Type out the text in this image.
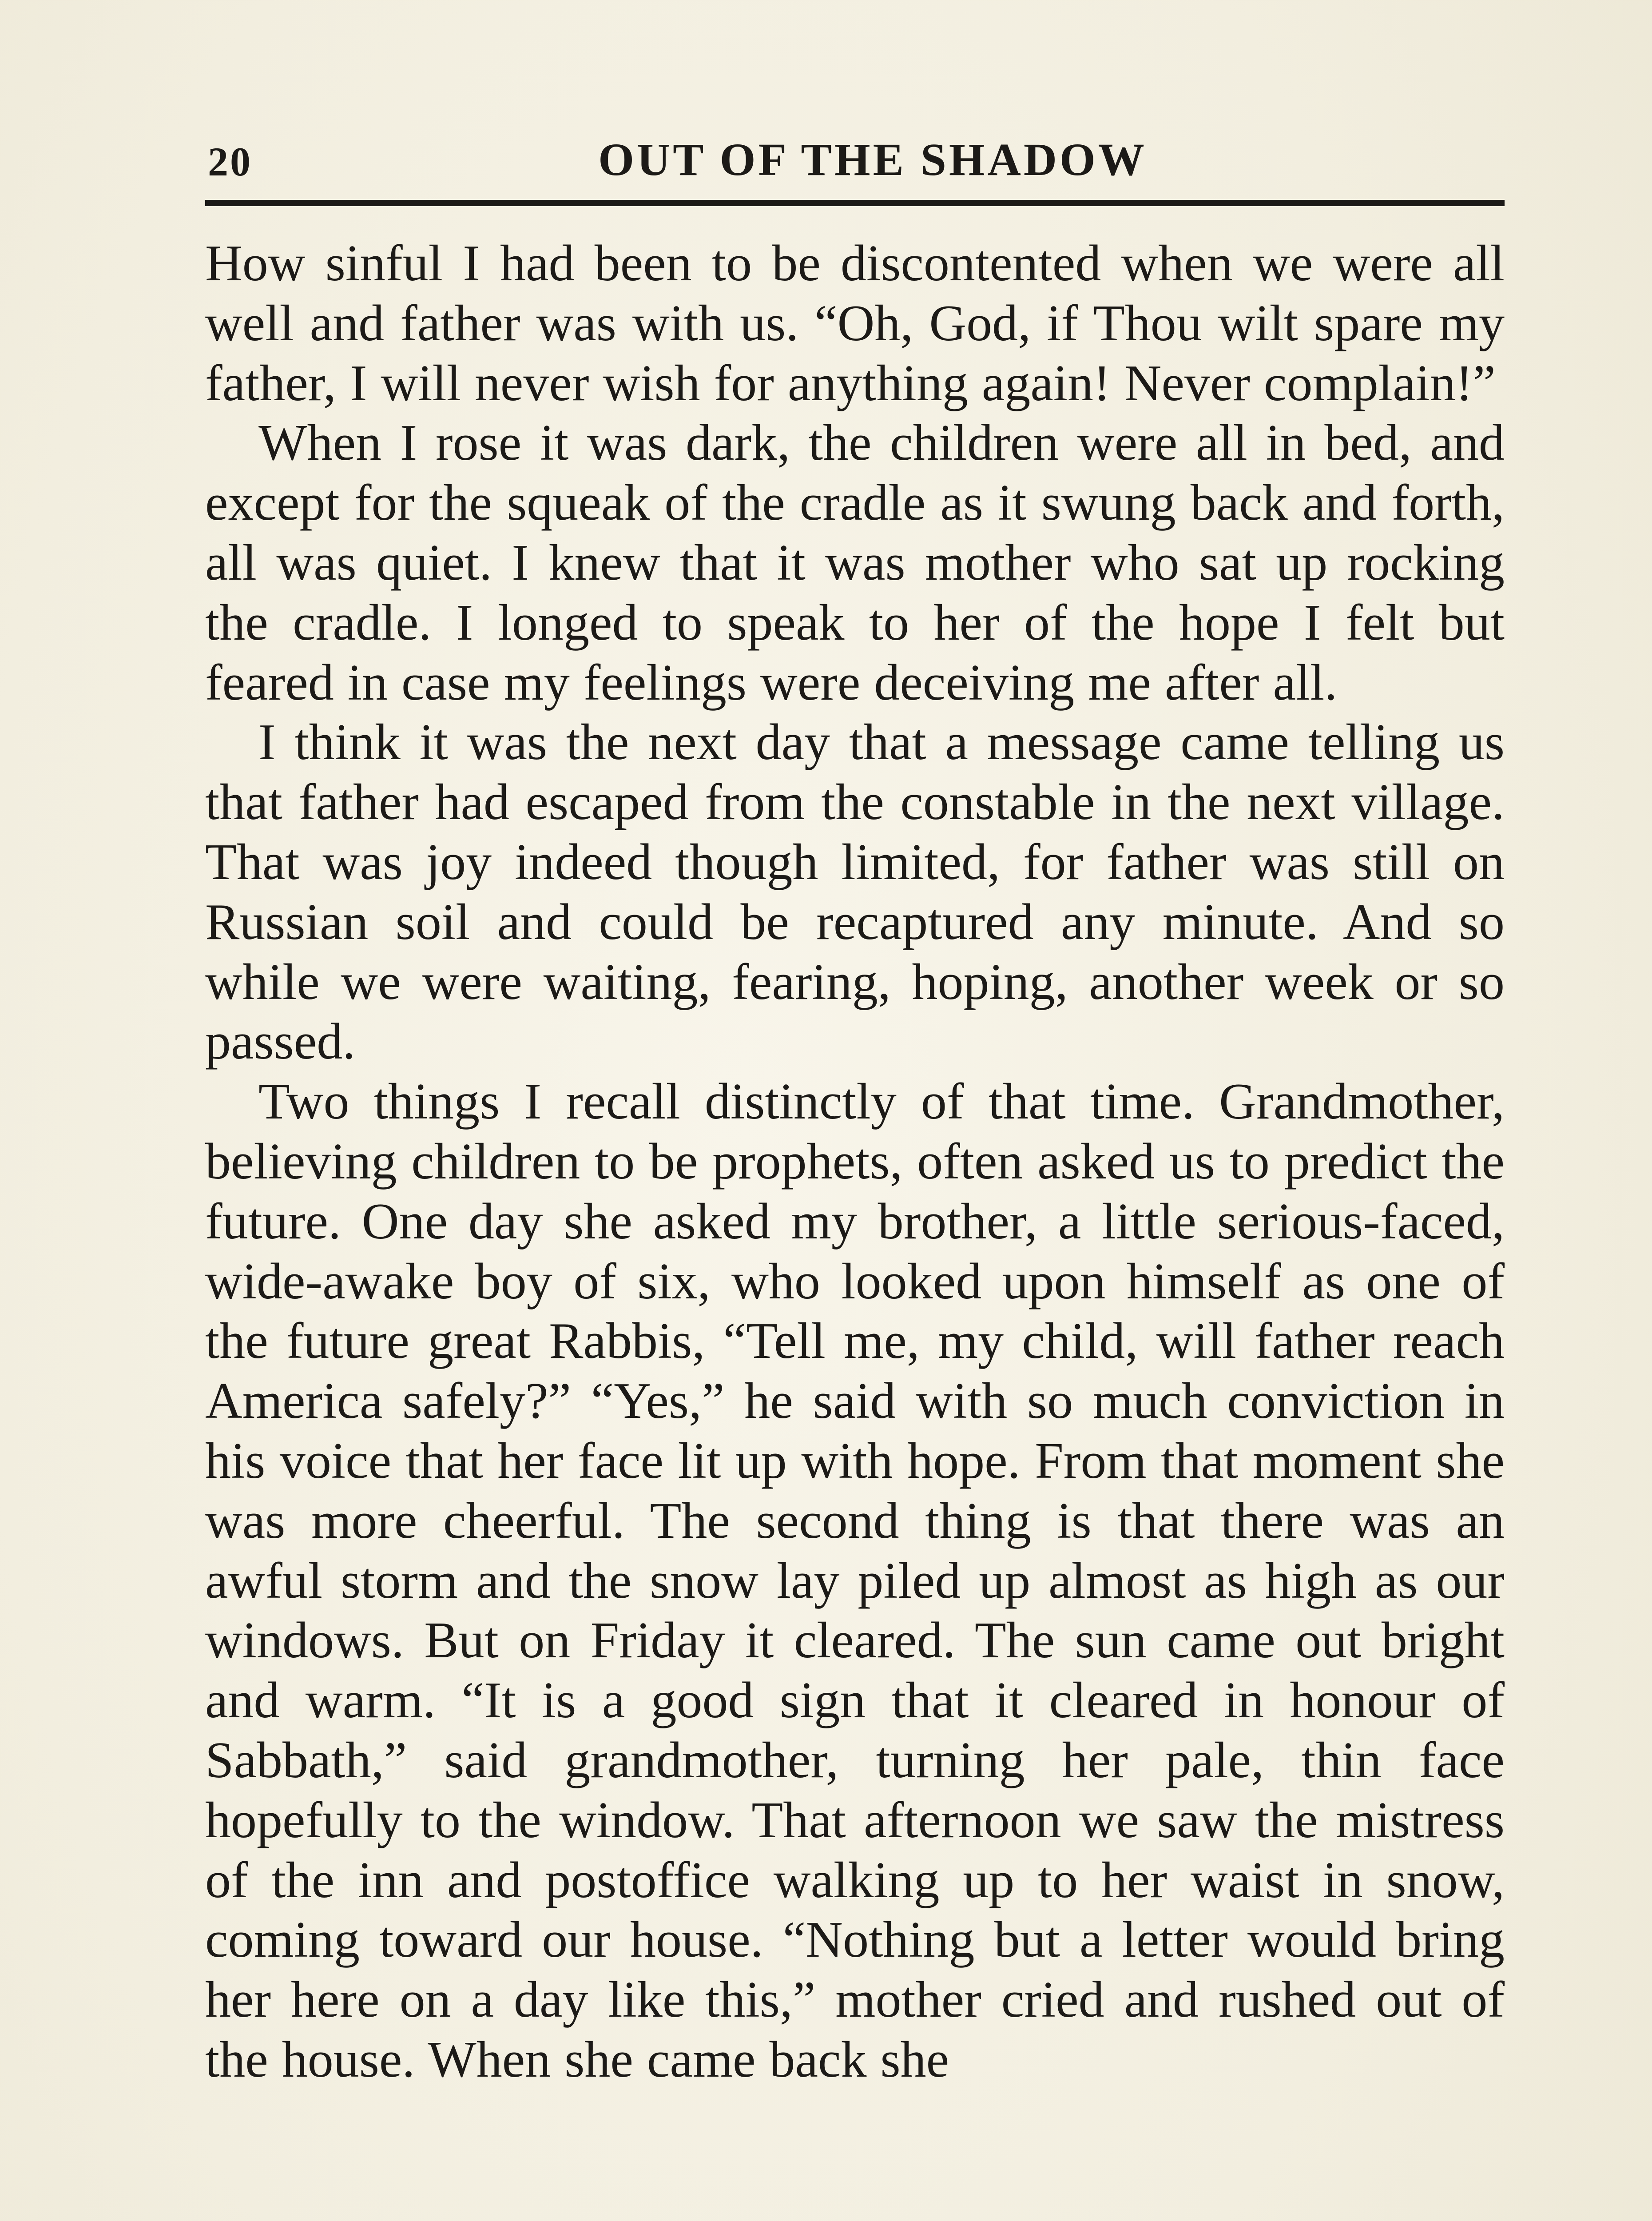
20	OUT OF THE SHADOW

How sinful I had been to be discontented when we were all well and father was with us. “Oh, God, if Thou wilt spare my father, I will never wish for anything again! Never complain!”

When I rose it was dark, the children were all in bed, and except for the squeak of the cradle as it swung back and forth, all was quiet. I knew that it was mother who sat up rocking the cradle. I longed to speak to her of the hope I felt but feared in case my feelings were deceiving me after all.

I think it was the next day that a message came telling us that father had escaped from the constable in the next village. That was joy indeed though limited, for father was still on Russian soil and could be recaptured any minute. And so while we were waiting, fearing, hoping, another week or so passed.

Two things I recall distinctly of that time. Grandmother, believing children to be prophets, often asked us to predict the future. One day she asked my brother, a little serious-faced, wide-awake boy of six, who looked upon himself as one of the future great Rabbis, “Tell me, my child, will father reach America safely?” “Yes,” he said with so much conviction in his voice that her face lit up with hope. From that moment she was more cheerful. The second thing is that there was an awful storm and the snow lay piled up almost as high as our windows. But on Friday it cleared. The sun came out bright and warm. “It is a good sign that it cleared in honour of Sabbath,” said grandmother, turning her pale, thin face hopefully to the window. That afternoon we saw the mistress of the inn and postoffice walking up to her waist in snow, coming toward our house. “Nothing but a letter would bring her here on a day like this,” mother cried and rushed out of the house. When she came back she
